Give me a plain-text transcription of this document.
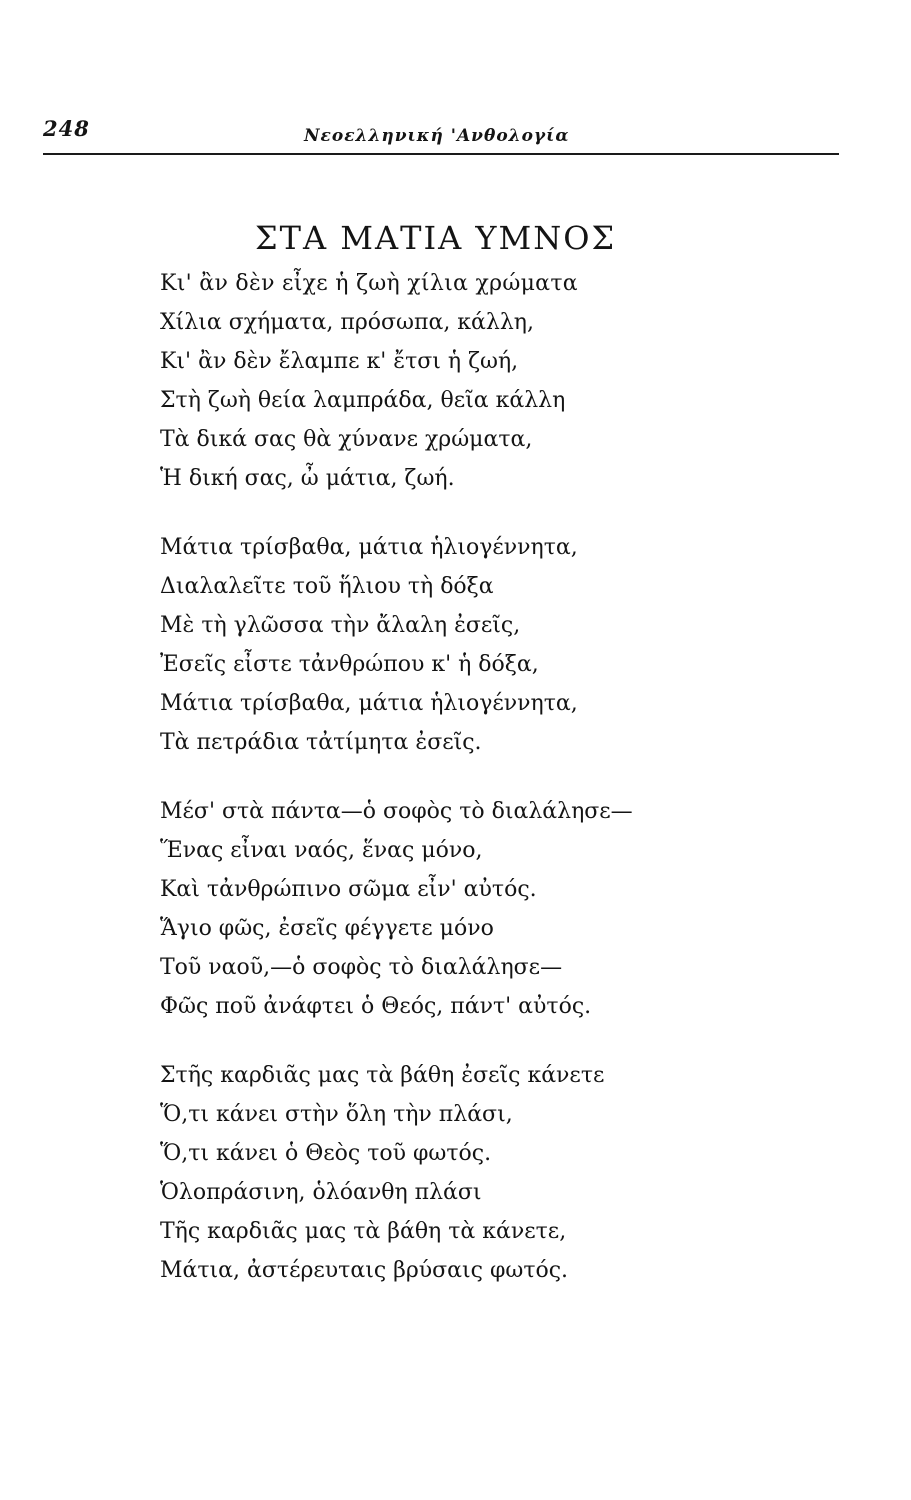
248	Νεοελληνική 'Ανθολογία
ΣΤΑ ΜΑΤΙΑ ΥΜΝΟΣ
Κι' ἂν δὲν εἶχε ἡ ζωὴ χίλια χρώματα
Χίλια σχήματα, πρόσωπα, κάλλη,
Κι' ἂν δὲν ἔλαμπε κ' ἔτσι ἡ ζωή,
Στὴ ζωὴ θεία λαμπράδα, θεῖα κάλλη
Τὰ δικά σας θὰ χύνανε χρώματα,
Ἡ δική σας, ὦ μάτια, ζωή.
Μάτια τρίσβαθα, μάτια ἡλιογέννητα,
Διαλαλεῖτε τοῦ ἥλιου τὴ δόξα
Μὲ τὴ γλῶσσα τὴν ἄλαλη ἐσεῖς,
Ἐσεῖς εἶστε τἀνθρώπου κ' ἡ δόξα,
Μάτια τρίσβαθα, μάτια ἡλιογέννητα,
Τὰ πετράδια τἀτίμητα ἐσεῖς.
Μέσ' στὰ πάντα—ὁ σοφὸς τὸ διαλάλησε—
Ἕνας εἶναι ναός, ἕνας μόνο,
Καὶ τἀνθρώπινο σῶμα εἶν' αὐτός.
Ἅγιο φῶς, ἐσεῖς φέγγετε μόνο
Τοῦ ναοῦ,—ὁ σοφὸς τὸ διαλάλησε—
Φῶς ποῦ ἀνάφτει ὁ Θεός, πάντ' αὐτός.
Στῆς καρδιᾶς μας τὰ βάθη ἐσεῖς κάνετε
Ὅ,τι κάνει στὴν ὅλη τὴν πλάσι,
Ὅ,τι κάνει ὁ Θεὸς τοῦ φωτός.
Ὁλοπράσινη, ὁλόανθη πλάσι
Τῆς καρδιᾶς μας τὰ βάθη τὰ κάνετε,
Μάτια, ἀστέρευταις βρύσαις φωτός.
